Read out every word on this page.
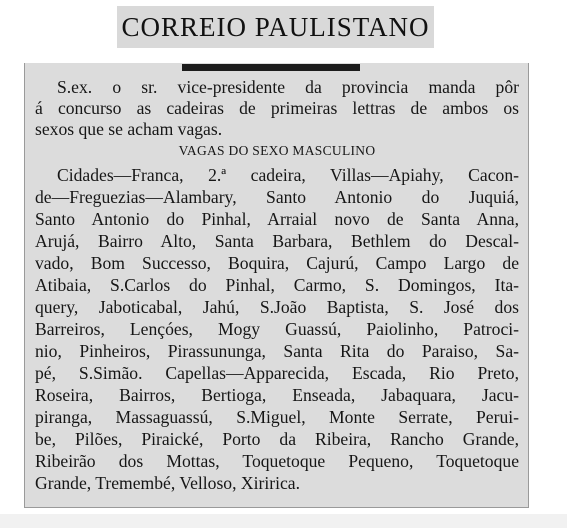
CORREIO PAULISTANO
S.ex. o sr. vice-presidente da provincia manda pôr
á concurso as cadeiras de primeiras lettras de ambos os
sexos que se acham vagas.
VAGAS DO SEXO MASCULINO
Cidades—Franca, 2.ª cadeira, Villas—Apiahy, Cacon-
de—Freguezias—Alambary, Santo Antonio do Juquiá,
Santo Antonio do Pinhal, Arraial novo de Santa Anna,
Arujá, Bairro Alto, Santa Barbara, Bethlem do Descal-
vado, Bom Successo, Boquira, Cajurú, Campo Largo de
Atibaia, S.Carlos do Pinhal, Carmo, S. Domingos, Ita-
query, Jaboticabal, Jahú, S.João Baptista, S. José dos
Barreiros, Lençóes, Mogy Guassú, Paiolinho, Patroci-
nio, Pinheiros, Pirassununga, Santa Rita do Paraiso, Sa-
pé, S.Simão. Capellas—Apparecida, Escada, Rio Preto,
Roseira, Bairros, Bertioga, Enseada, Jabaquara, Jacu-
piranga, Massaguassú, S.Miguel, Monte Serrate, Perui-
be, Pilões, Piraické, Porto da Ribeira, Rancho Grande,
Ribeirão dos Mottas, Toquetoque Pequeno, Toquetoque
Grande, Tremembé, Velloso, Xiririca.
